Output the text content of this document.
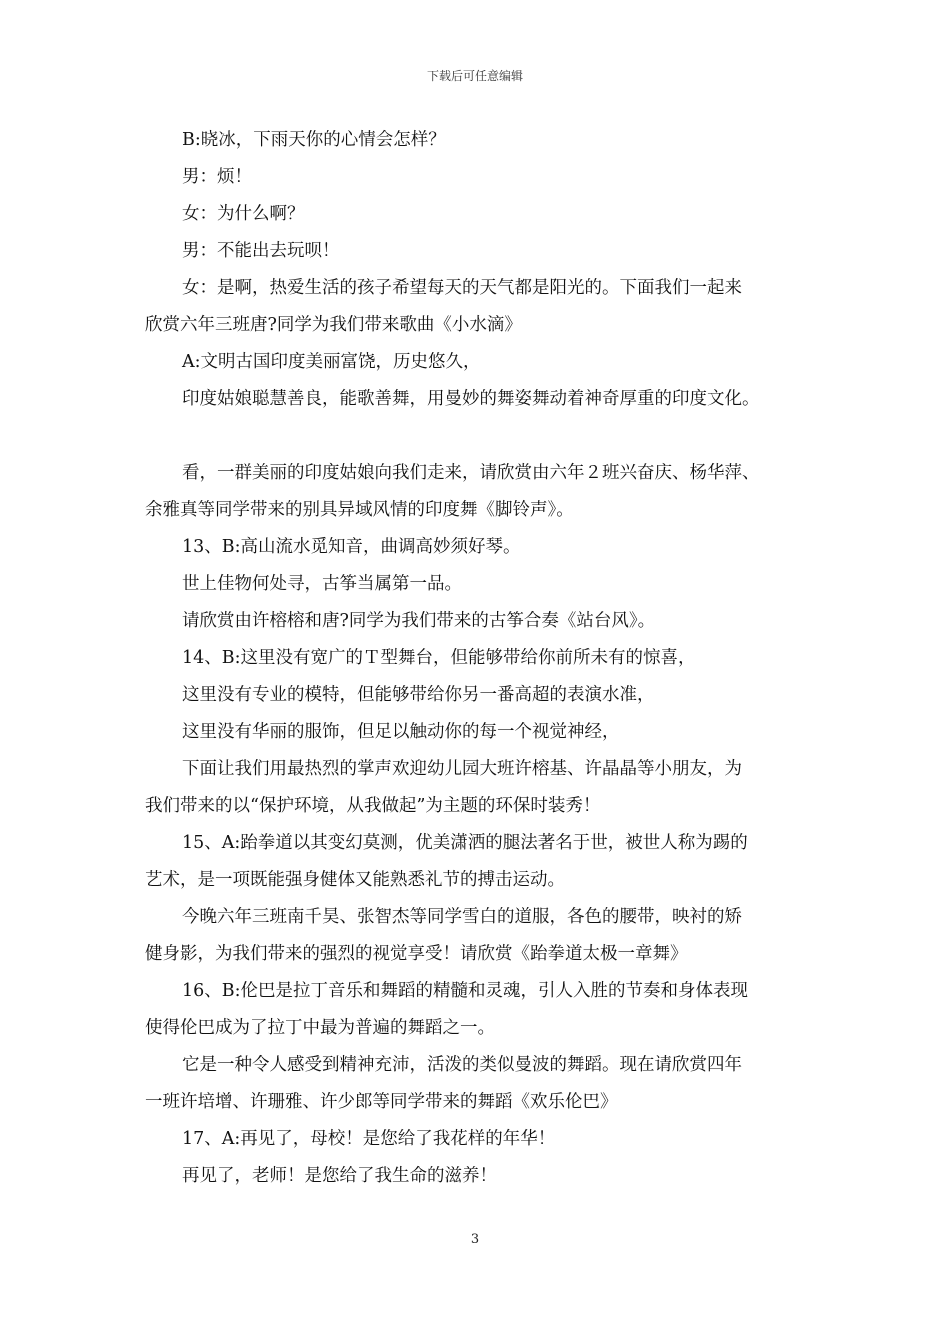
下载后可任意编辑
B:晓冰，下雨天你的心情会怎样？
男：烦！
女：为什么啊？
男：不能出去玩呗！
女：是啊，热爱生活的孩子希望每天的天气都是阳光的。下面我们一起来
欣赏六年三班唐?同学为我们带来歌曲《小水滴》
A:文明古国印度美丽富饶，历史悠久，
印度姑娘聪慧善良，能歌善舞，用曼妙的舞姿舞动着神奇厚重的印度文化。
看，一群美丽的印度姑娘向我们走来，请欣赏由六年２班兴奋庆、杨华萍、
余雅真等同学带来的别具异域风情的印度舞《脚铃声》。
13、B:高山流水觅知音，曲调高妙须好琴。
世上佳物何处寻，古筝当属第一品。
请欣赏由许榕榕和唐?同学为我们带来的古筝合奏《站台风》。
14、B:这里没有宽广的Ｔ型舞台，但能够带给你前所未有的惊喜，
这里没有专业的模特，但能够带给你另一番高超的表演水准，
这里没有华丽的服饰，但足以触动你的每一个视觉神经，
下面让我们用最热烈的掌声欢迎幼儿园大班许榕基、许晶晶等小朋友，为
我们带来的以“保护环境，从我做起”为主题的环保时装秀！
15、A:跆拳道以其变幻莫测，优美潇洒的腿法著名于世，被世人称为踢的
艺术，是一项既能强身健体又能熟悉礼节的搏击运动。
今晚六年三班南千昊、张智杰等同学雪白的道服，各色的腰带，映衬的矫
健身影，为我们带来的强烈的视觉享受！请欣赏《跆拳道太极一章舞》
16、B:伦巴是拉丁音乐和舞蹈的精髓和灵魂，引人入胜的节奏和身体表现
使得伦巴成为了拉丁中最为普遍的舞蹈之一。
它是一种令人感受到精神充沛，活泼的类似曼波的舞蹈。现在请欣赏四年
一班许培增、许珊雅、许少郎等同学带来的舞蹈《欢乐伦巴》
17、A:再见了，母校！是您给了我花样的年华！
再见了，老师！是您给了我生命的滋养！
3
